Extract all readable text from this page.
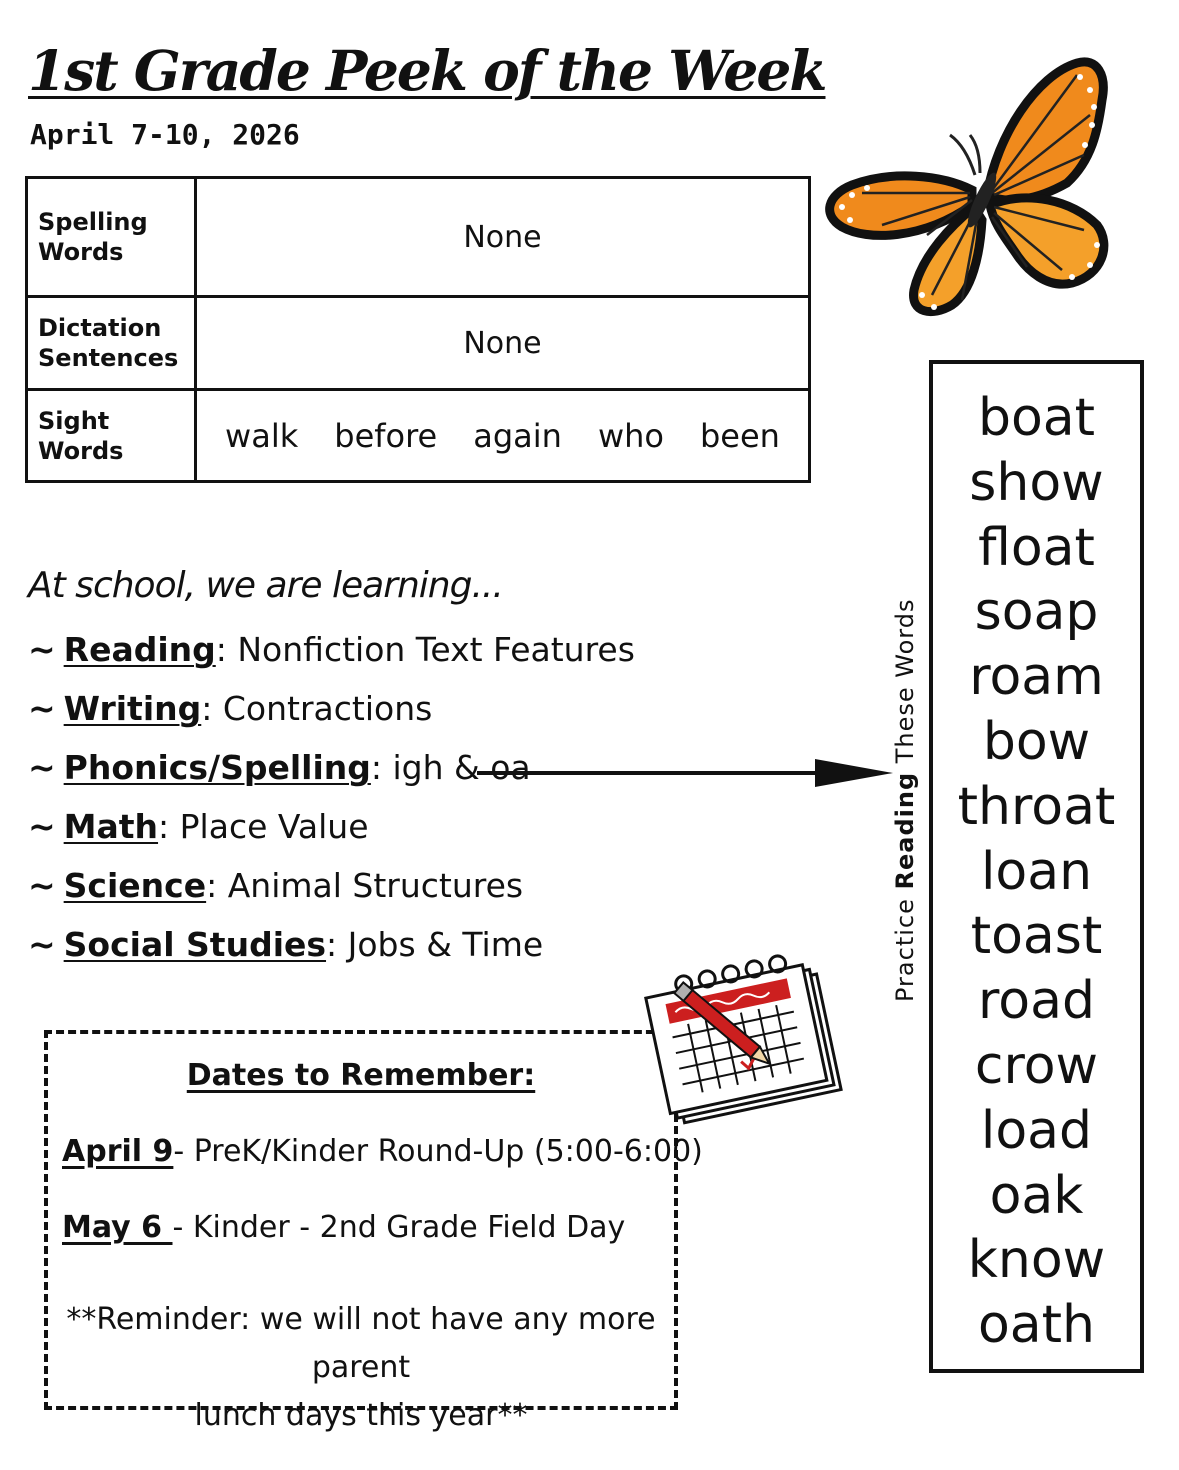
1st Grade Peek of the Week
April 7-10, 2026
Spelling
Words	None

Dictation
Sentences	None

Sight
Words	walk before again who been
At school, we are learning...
~ Reading: Nonfiction Text Features
~ Writing: Contractions
~ Phonics/Spelling: igh & oa
~ Math: Place Value
~ Science: Animal Structures
~ Social Studies: Jobs & Time	Practice Reading These Words
boat
show
float
soap
roam
bow
throat
loan
toast
road
crow
load
oak
know
oath
Dates to Remember:
April 9- PreK/Kinder Round-Up (5:00-6:00)
May 6 - Kinder - 2nd Grade Field Day
**Reminder: we will not have any more parent
lunch days this year**
